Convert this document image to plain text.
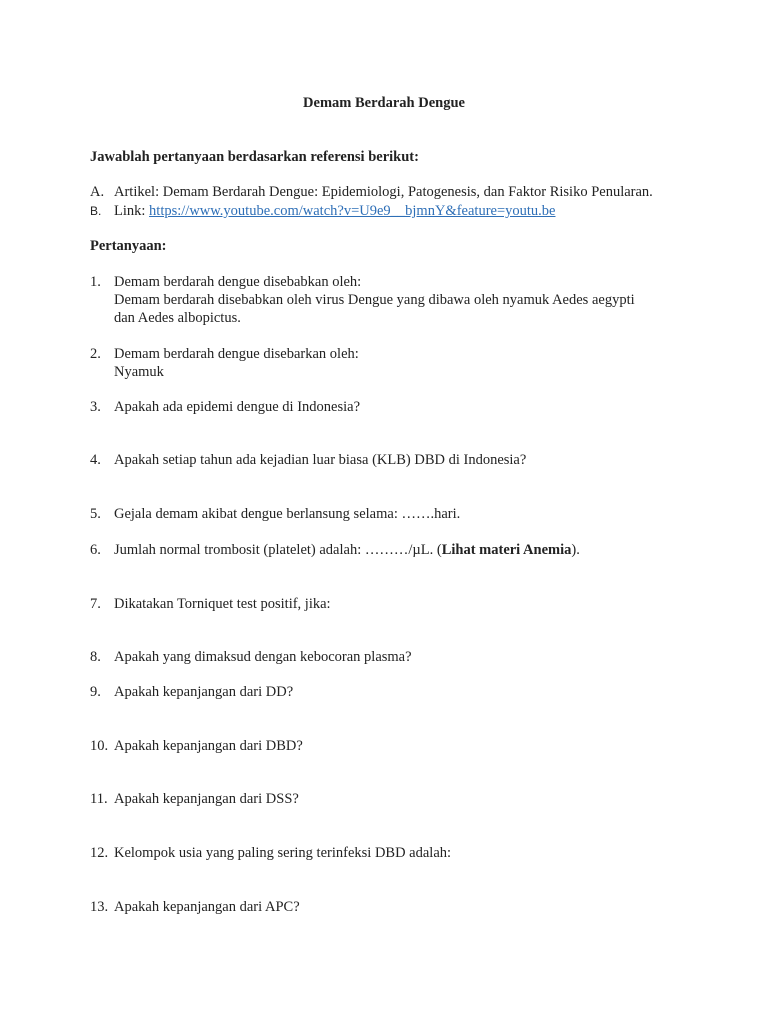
Demam Berdarah Dengue
Jawablah pertanyaan berdasarkan referensi berikut:
A. Artikel: Demam Berdarah Dengue: Epidemiologi, Patogenesis, dan Faktor Risiko Penularan.
B. Link: https://www.youtube.com/watch?v=U9e9__bjmnY&feature=youtu.be
Pertanyaan:
1. Demam berdarah dengue disebabkan oleh:
Demam berdarah disebabkan oleh virus Dengue yang dibawa oleh nyamuk Aedes aegypti
dan Aedes albopictus.
2. Demam berdarah dengue disebarkan oleh:
Nyamuk
3. Apakah ada epidemi dengue di Indonesia?
4. Apakah setiap tahun ada kejadian luar biasa (KLB) DBD di Indonesia?
5. Gejala demam akibat dengue berlansung selama: …….hari.
6. Jumlah normal trombosit (platelet) adalah: ………/µL. (Lihat materi Anemia).
7. Dikatakan Torniquet test positif, jika:
8. Apakah yang dimaksud dengan kebocoran plasma?
9. Apakah kepanjangan dari DD?
10. Apakah kepanjangan dari DBD?
11. Apakah kepanjangan dari DSS?
12. Kelompok usia yang paling sering terinfeksi DBD adalah:
13. Apakah kepanjangan dari APC?
